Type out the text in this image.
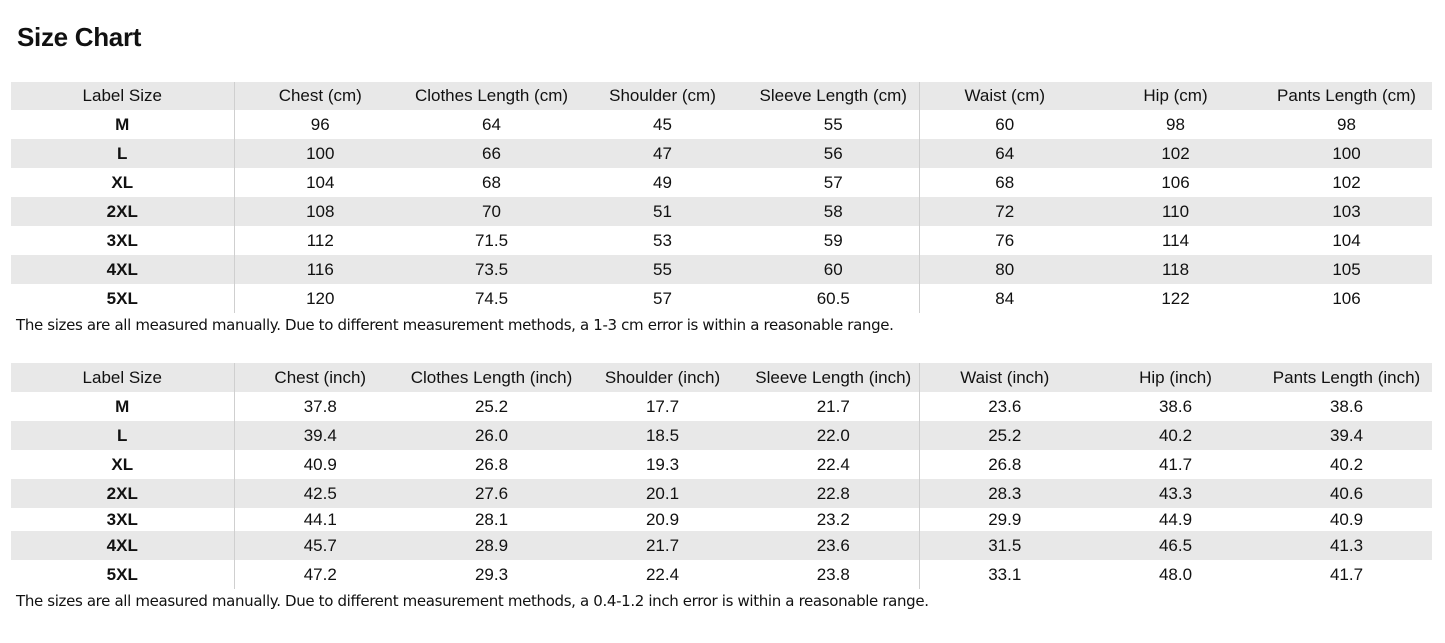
Size Chart
Label Size	Chest (cm)	Clothes Length (cm)	Shoulder (cm)	Sleeve Length (cm)	Waist (cm)	Hip (cm)	Pants Length (cm)
M	96	64	45	55	60	98	98
L	100	66	47	56	64	102	100
XL	104	68	49	57	68	106	102
2XL	108	70	51	58	72	110	103
3XL	112	71.5	53	59	76	114	104
4XL	116	73.5	55	60	80	118	105
5XL	120	74.5	57	60.5	84	122	106
The sizes are all measured manually. Due to different measurement methods, a 1-3 cm error is within a reasonable range.
Label Size	Chest (inch)	Clothes Length (inch)	Shoulder (inch)	Sleeve Length (inch)	Waist (inch)	Hip (inch)	Pants Length (inch)
M	37.8	25.2	17.7	21.7	23.6	38.6	38.6
L	39.4	26.0	18.5	22.0	25.2	40.2	39.4
XL	40.9	26.8	19.3	22.4	26.8	41.7	40.2
2XL	42.5	27.6	20.1	22.8	28.3	43.3	40.6
3XL	44.1	28.1	20.9	23.2	29.9	44.9	40.9
4XL	45.7	28.9	21.7	23.6	31.5	46.5	41.3
5XL	47.2	29.3	22.4	23.8	33.1	48.0	41.7
The sizes are all measured manually. Due to different measurement methods, a 0.4-1.2 inch error is within a reasonable range.
